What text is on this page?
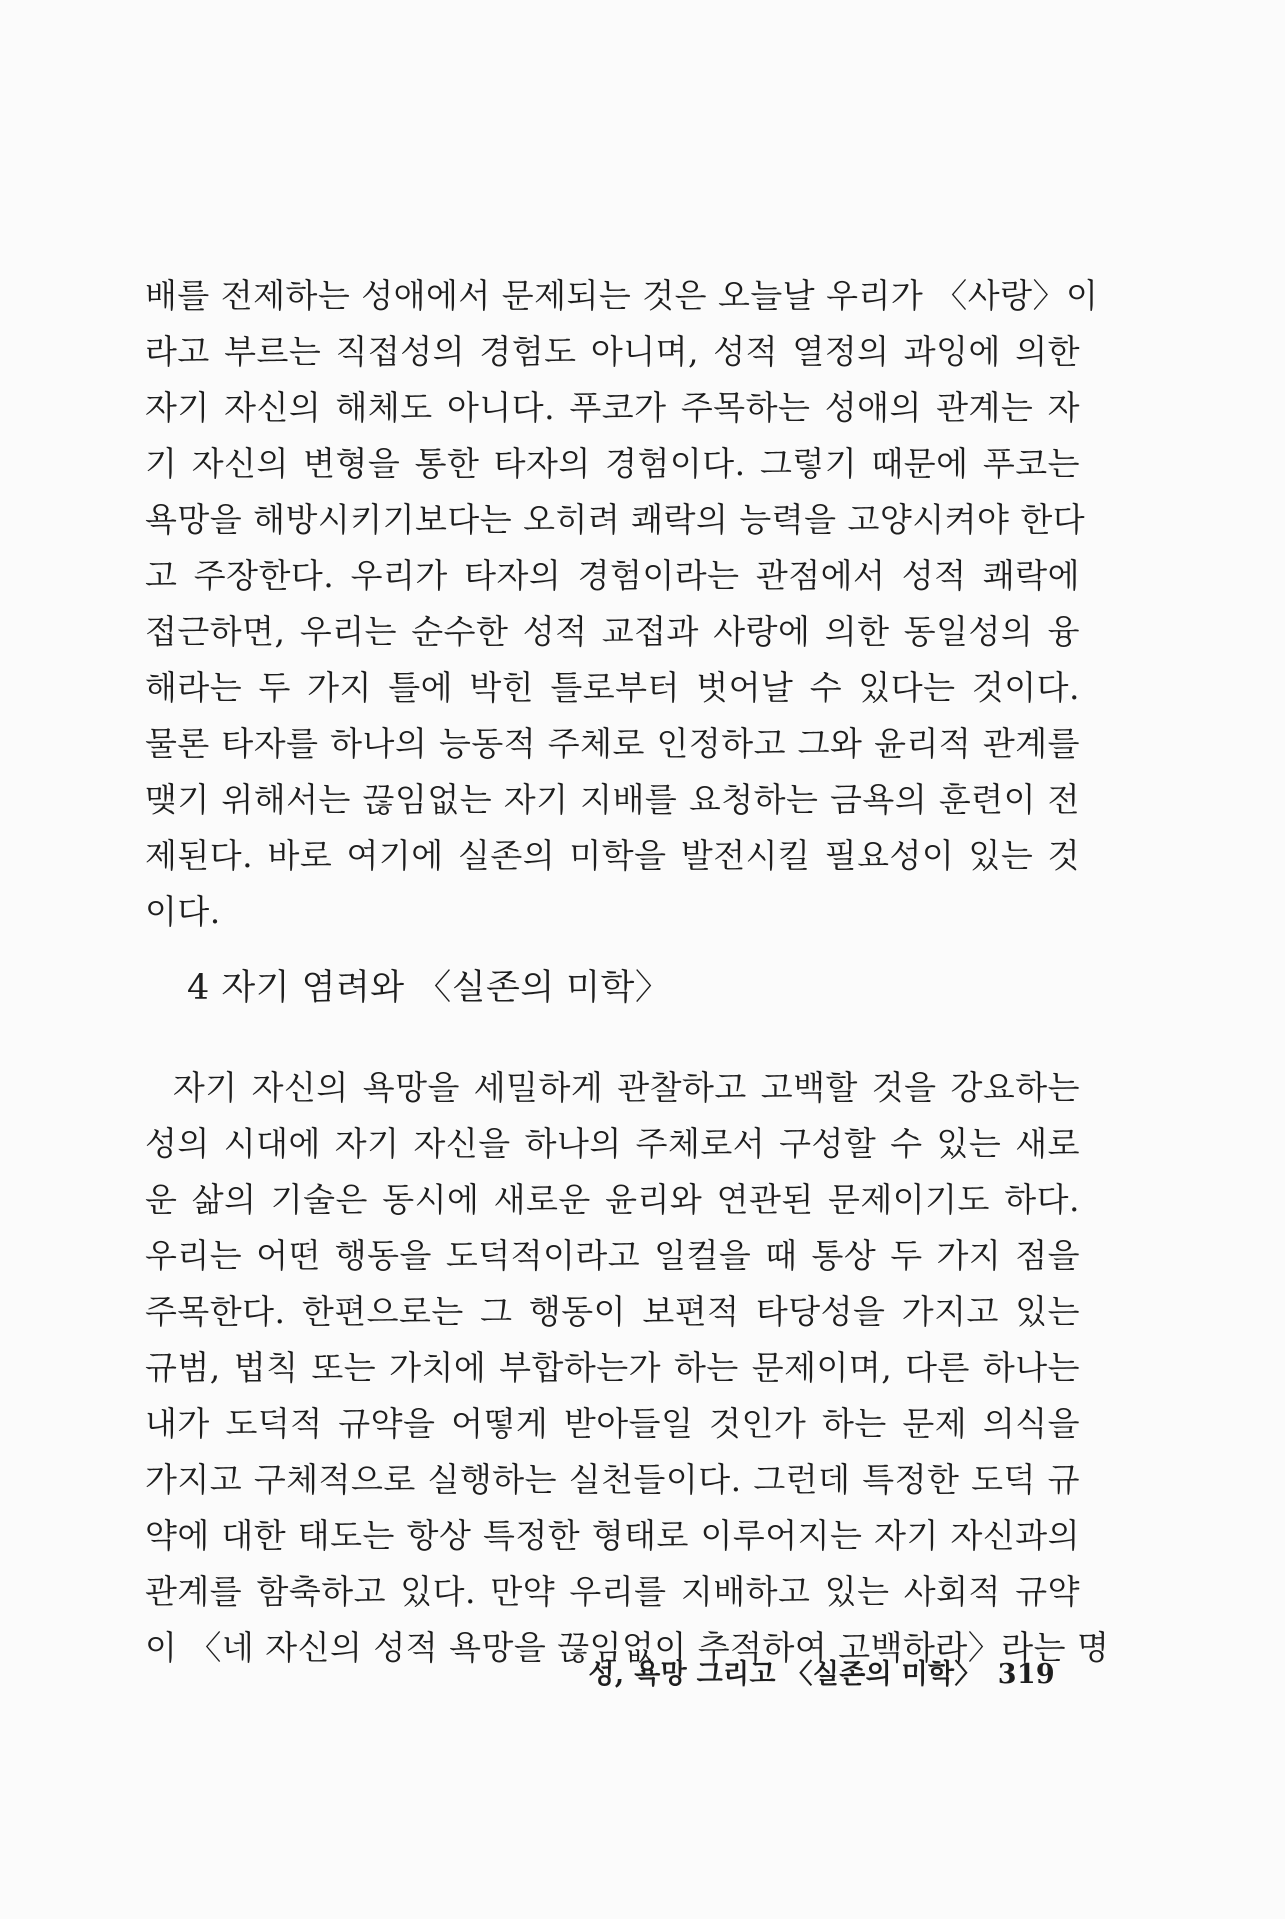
배를 전제하는 성애에서 문제되는 것은 오늘날 우리가 〈사랑〉이
라고 부르는 직접성의 경험도 아니며, 성적 열정의 과잉에 의한
자기 자신의 해체도 아니다. 푸코가 주목하는 성애의 관계는 자
기 자신의 변형을 통한 타자의 경험이다. 그렇기 때문에 푸코는
욕망을 해방시키기보다는 오히려 쾌락의 능력을 고양시켜야 한다
고 주장한다. 우리가 타자의 경험이라는 관점에서 성적 쾌락에
접근하면, 우리는 순수한 성적 교접과 사랑에 의한 동일성의 융
해라는 두 가지 틀에 박힌 틀로부터 벗어날 수 있다는 것이다.
물론 타자를 하나의 능동적 주체로 인정하고 그와 윤리적 관계를
맺기 위해서는 끊임없는 자기 지배를 요청하는 금욕의 훈련이 전
제된다. 바로 여기에 실존의 미학을 발전시킬 필요성이 있는 것
이다.
4 자기 염려와 〈실존의 미학〉
자기 자신의 욕망을 세밀하게 관찰하고 고백할 것을 강요하는
성의 시대에 자기 자신을 하나의 주체로서 구성할 수 있는 새로
운 삶의 기술은 동시에 새로운 윤리와 연관된 문제이기도 하다.
우리는 어떤 행동을 도덕적이라고 일컬을 때 통상 두 가지 점을
주목한다. 한편으로는 그 행동이 보편적 타당성을 가지고 있는
규범, 법칙 또는 가치에 부합하는가 하는 문제이며, 다른 하나는
내가 도덕적 규약을 어떻게 받아들일 것인가 하는 문제 의식을
가지고 구체적으로 실행하는 실천들이다. 그런데 특정한 도덕 규
약에 대한 태도는 항상 특정한 형태로 이루어지는 자기 자신과의
관계를 함축하고 있다. 만약 우리를 지배하고 있는 사회적 규약
이 〈네 자신의 성적 욕망을 끊임없이 추적하여 고백하라〉라는 명
성, 욕망 그리고 〈실존의 미학〉 319
